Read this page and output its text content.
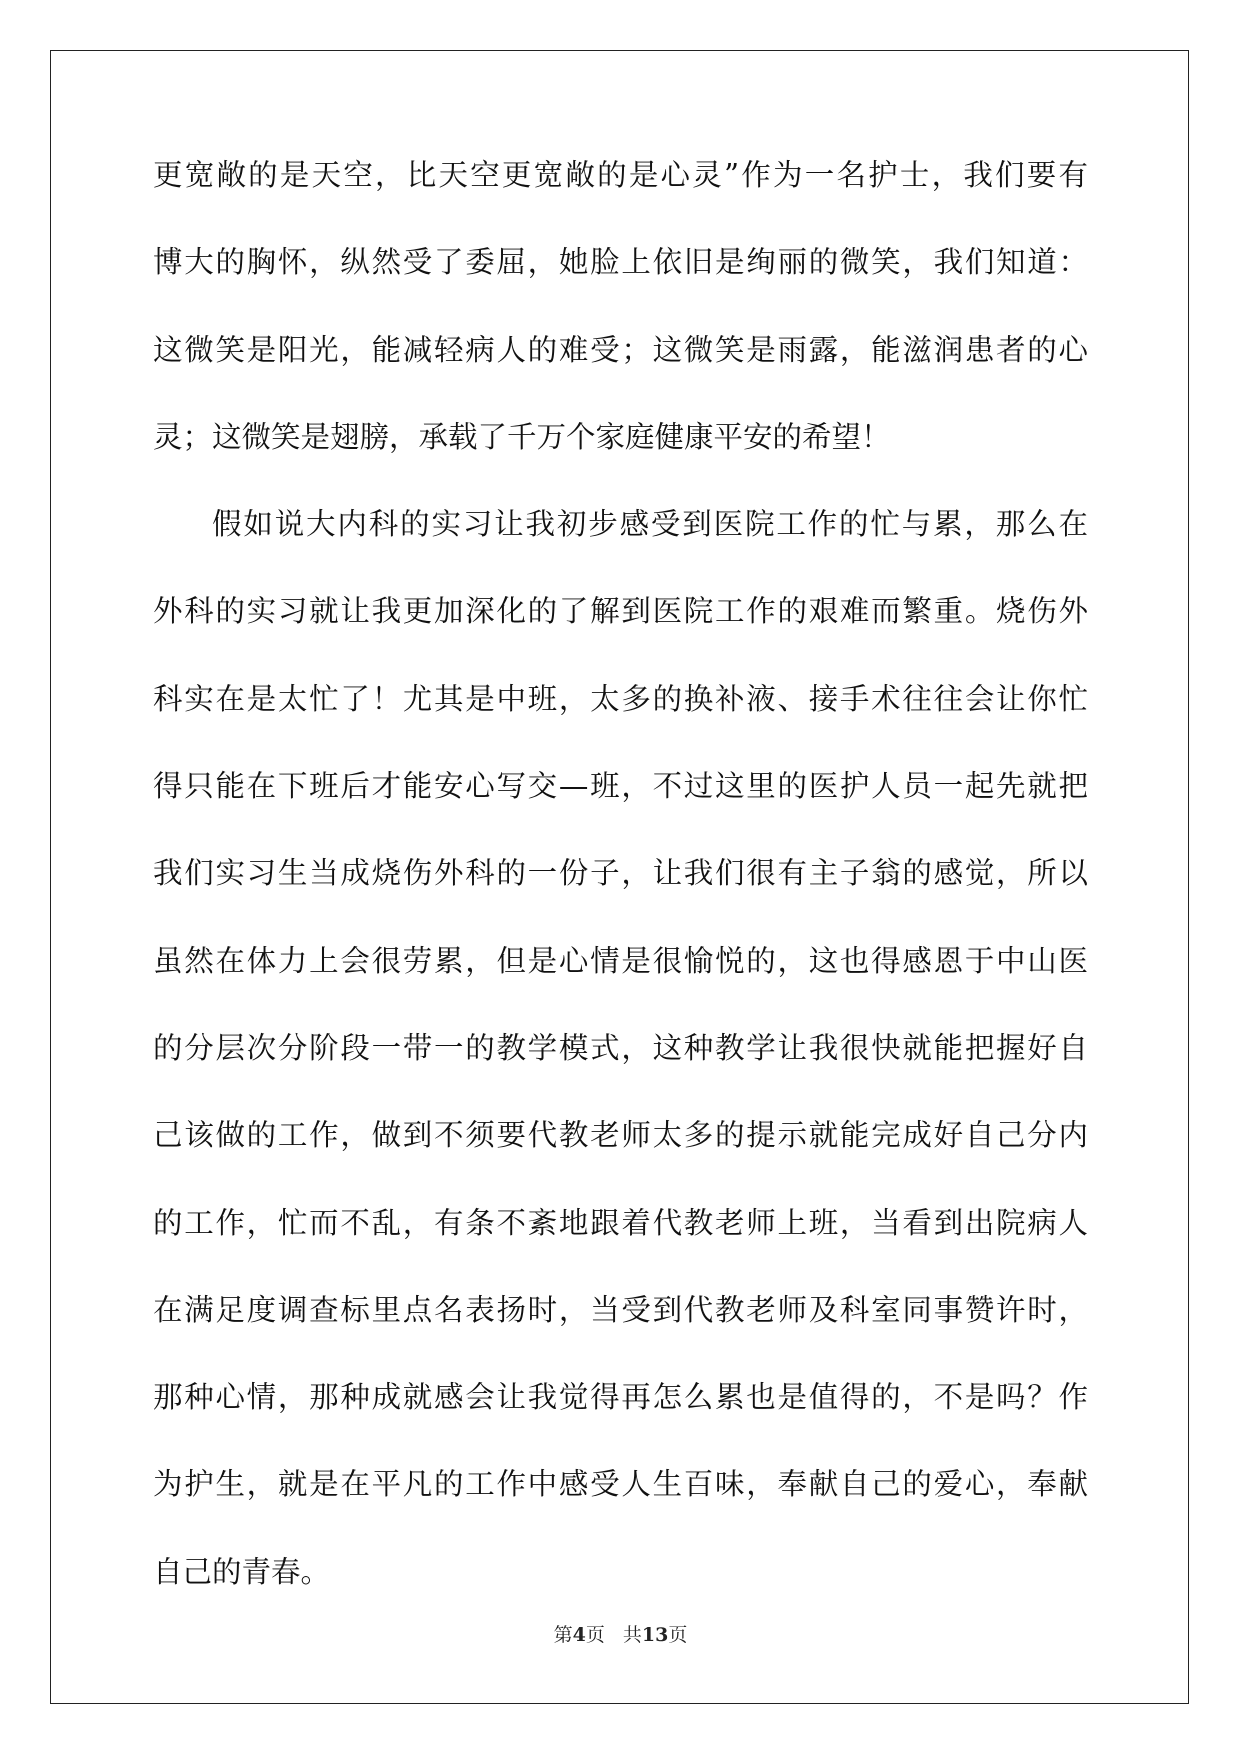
更宽敞的是天空，比天空更宽敞的是心灵”作为一名护士，我们要有
博大的胸怀，纵然受了委屈，她脸上依旧是绚丽的微笑，我们知道：
这微笑是阳光，能减轻病人的难受；这微笑是雨露，能滋润患者的心
灵；这微笑是翅膀，承载了千万个家庭健康平安的希望！
假如说大内科的实习让我初步感受到医院工作的忙与累，那么在
外科的实习就让我更加深化的了解到医院工作的艰难而繁重。烧伤外
科实在是太忙了！尤其是中班，太多的换补液、接手术往往会让你忙
得只能在下班后才能安心写交—班，不过这里的医护人员一起先就把
我们实习生当成烧伤外科的一份子，让我们很有主子翁的感觉，所以
虽然在体力上会很劳累，但是心情是很愉悦的，这也得感恩于中山医
的分层次分阶段一带一的教学模式，这种教学让我很快就能把握好自
己该做的工作，做到不须要代教老师太多的提示就能完成好自己分内
的工作，忙而不乱，有条不紊地跟着代教老师上班，当看到出院病人
在满足度调查标里点名表扬时，当受到代教老师及科室同事赞许时，
那种心情，那种成就感会让我觉得再怎么累也是值得的，不是吗？作
为护生，就是在平凡的工作中感受人生百味，奉献自己的爱心，奉献
自己的青春。
第4页 共13页
